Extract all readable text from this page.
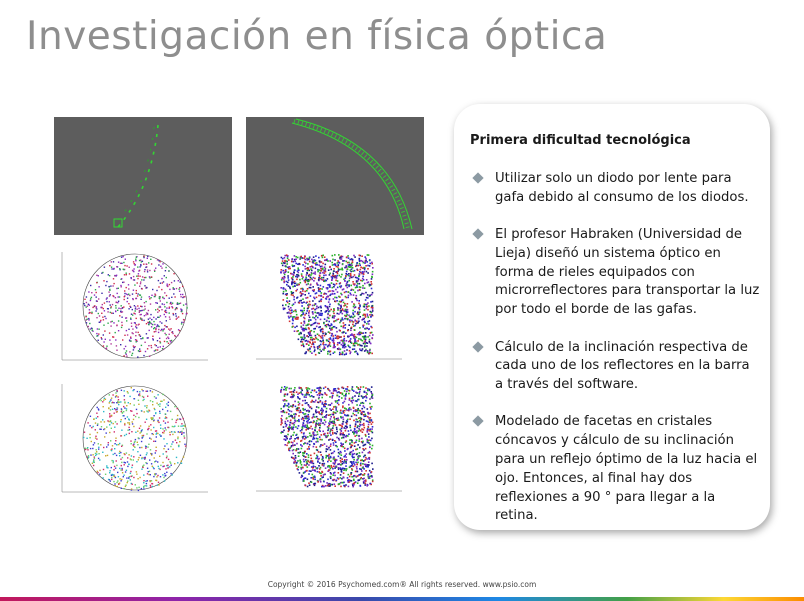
Investigación en física óptica
Primera dificultad tecnológica
Utilizar solo un diodo por lente para gafa debido al consumo de los diodos.
El profesor Habraken (Universidad de Lieja) diseñó un sistema óptico en forma de rieles equipados con microrreflectores para transportar la luz por todo el borde de las gafas.
Cálculo de la inclinación respectiva de cada uno de los reflectores en la barra a través del software.
Modelado de facetas en cristales cóncavos y cálculo de su inclinación para un reflejo óptimo de la luz hacia el ojo. Entonces, al final hay dos reflexiones a 90 ° para llegar a la retina.
Copyright © 2016 Psychomed.com® All rights reserved. www.psio.com
